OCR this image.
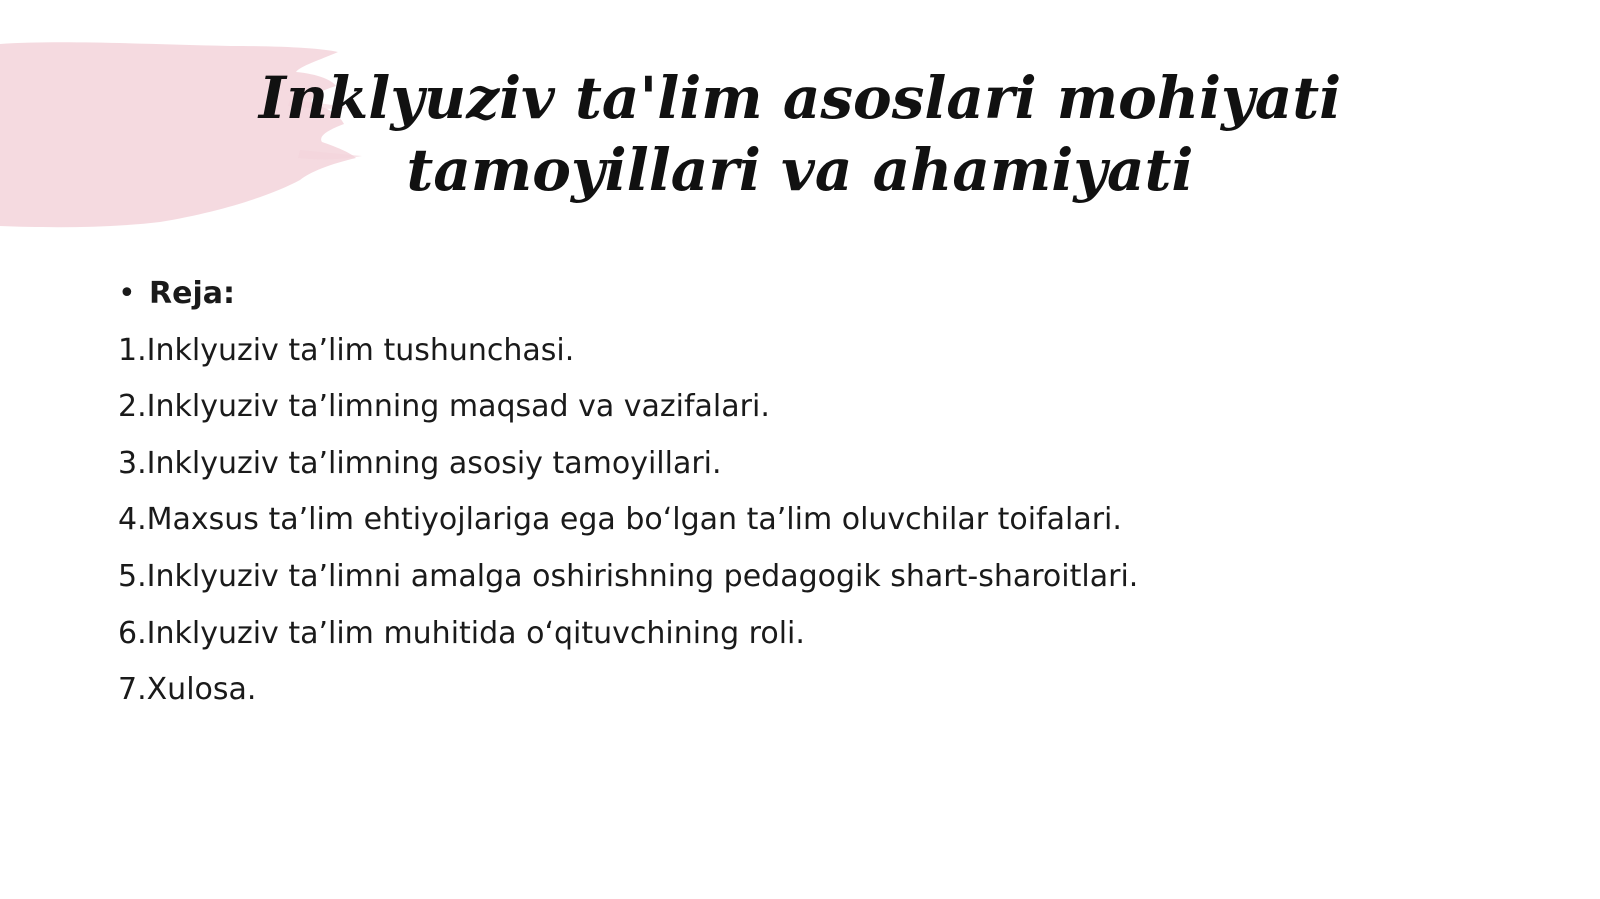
Inklyuziv ta'lim asoslari mohiyati tamoyillari va ahamiyati
• Reja:
1. Inklyuziv ta’lim tushunchasi.
2. Inklyuziv ta’limning maqsad va vazifalari.
3. Inklyuziv ta’limning asosiy tamoyillari.
4. Maxsus ta’lim ehtiyojlariga ega bo‘lgan ta’lim oluvchilar toifalari.
5. Inklyuziv ta’limni amalga oshirishning pedagogik shart-sharoitlari.
6. Inklyuziv ta’lim muhitida o‘qituvchining roli.
7. Xulosa.
